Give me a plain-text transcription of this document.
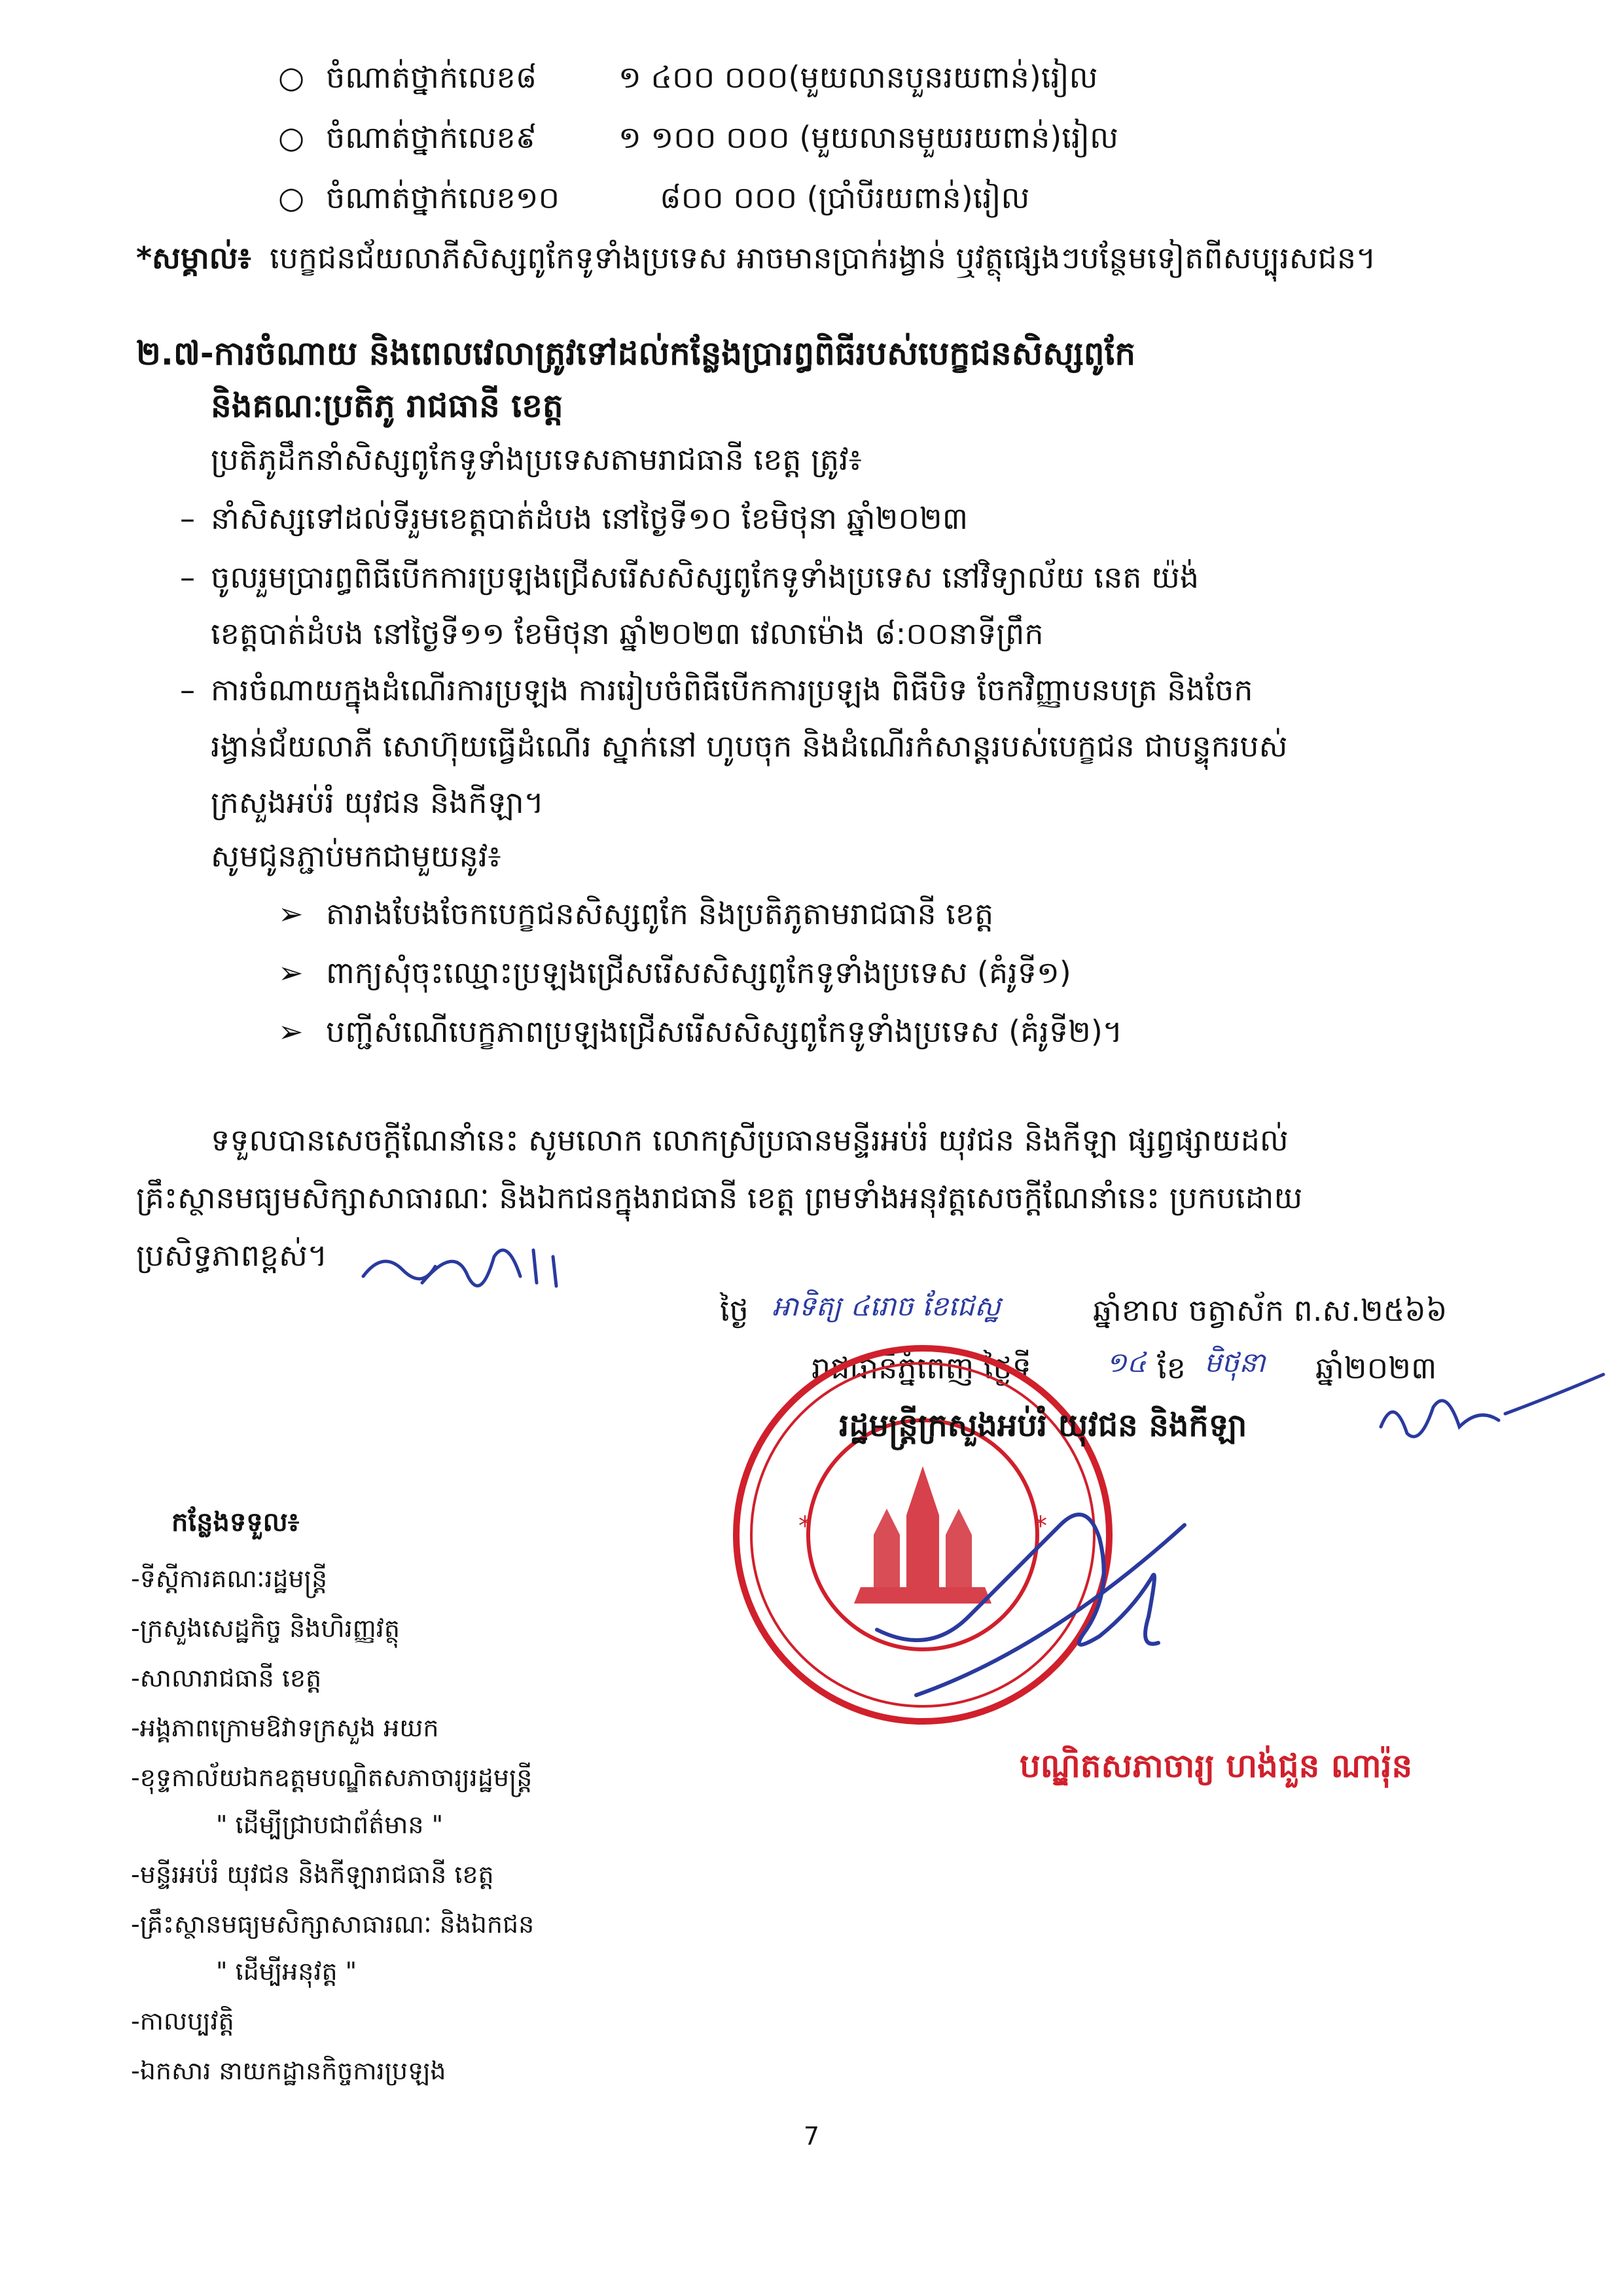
○ ចំណាត់ថ្នាក់លេខ៨	១ ៤០០ ០០០(មួយលានបួនរយពាន់)រៀល
○ ចំណាត់ថ្នាក់លេខ៩	១ ១០០ ០០០ (មួយលានមួយរយពាន់)រៀល
○ ចំណាត់ថ្នាក់លេខ១០	៨០០ ០០០ (ប្រាំបីរយពាន់)រៀល
*សម្គាល់៖ បេក្ខជនជ័យលាភីសិស្សពូកែទូទាំងប្រទេស អាចមានប្រាក់រង្វាន់ ឬវត្ថុផ្សេងៗបន្ថែមទៀតពីសប្បុរសជន។
២.៧-ការចំណាយ និងពេលវេលាត្រូវទៅដល់កន្លែងប្រារព្ធពិធីរបស់បេក្ខជនសិស្សពូកែ
និងគណៈប្រតិភូ រាជធានី ខេត្ត
ប្រតិភូដឹកនាំសិស្សពូកែទូទាំងប្រទេសតាមរាជធានី ខេត្ត ត្រូវ៖
– នាំសិស្សទៅដល់ទីរួមខេត្តបាត់ដំបង នៅថ្ងៃទី១០ ខែមិថុនា ឆ្នាំ២០២៣
– ចូលរួមប្រារព្ធពិធីបើកការប្រឡងជ្រើសរើសសិស្សពូកែទូទាំងប្រទេស នៅវិទ្យាល័យ នេត យ៉ង់
ខេត្តបាត់ដំបង នៅថ្ងៃទី១១ ខែមិថុនា ឆ្នាំ២០២៣ វេលាម៉ោង ៨:០០នាទីព្រឹក
– ការចំណាយក្នុងដំណើរការប្រឡង ការរៀបចំពិធីបើកការប្រឡង ពិធីបិទ ចែកវិញ្ញាបនបត្រ និងចែក
រង្វាន់ជ័យលាភី សោហ៊ុយធ្វើដំណើរ ស្នាក់នៅ ហូបចុក និងដំណើរកំសាន្តរបស់បេក្ខជន ជាបន្ទុករបស់
ក្រសួងអប់រំ យុវជន និងកីឡា។
សូមជូនភ្ជាប់មកជាមួយនូវ៖
➢ តារាងបែងចែកបេក្ខជនសិស្សពូកែ និងប្រតិភូតាមរាជធានី ខេត្ត
➢ ពាក្យសុំចុះឈ្មោះប្រឡងជ្រើសរើសសិស្សពូកែទូទាំងប្រទេស (គំរូទី១)
➢ បញ្ជីសំណើបេក្ខភាពប្រឡងជ្រើសរើសសិស្សពូកែទូទាំងប្រទេស (គំរូទី២)។
ទទួលបានសេចក្ដីណែនាំនេះ សូមលោក លោកស្រីប្រធានមន្ទីរអប់រំ យុវជន និងកីឡា ផ្សព្វផ្សាយដល់
គ្រឹះស្ថានមធ្យមសិក្សាសាធារណៈ និងឯកជនក្នុងរាជធានី ខេត្ត ព្រមទាំងអនុវត្តសេចក្ដីណែនាំនេះ ប្រកបដោយ
ប្រសិទ្ធភាពខ្ពស់។
ថ្ងៃ អាទិត្យ ៤រោច ខែជេស្ឋ	ឆ្នាំខាល ចត្វាស័ក ព.ស.២៥៦៦
រាជធានីភ្នំពេញ ថ្ងៃទី	១៤ ខែ មិថុនា ឆ្នាំ២០២៣
*	*
រដ្ឋមន្ត្រីក្រសួងអប់រំ យុវជន និងកីឡា
បណ្ឌិតសភាចារ្យ ហង់ជួន ណារ៉ុន
កន្លែងទទួល៖
-ទីស្ដីការគណៈរដ្ឋមន្ត្រី
-ក្រសួងសេដ្ឋកិច្ច និងហិរញ្ញវត្ថុ
-សាលារាជធានី ខេត្ត
-អង្គភាពក្រោមឱវាទក្រសួង អយក
-ខុទ្ទកាល័យឯកឧត្តមបណ្ឌិតសភាចារ្យរដ្ឋមន្ត្រី
" ដើម្បីជ្រាបជាព័ត៌មាន "
-មន្ទីរអប់រំ យុវជន និងកីឡារាជធានី ខេត្ត
-គ្រឹះស្ថានមធ្យមសិក្សាសាធារណៈ និងឯកជន
" ដើម្បីអនុវត្ត "
-កាលប្បវត្តិ
-ឯកសារ នាយកដ្ឋានកិច្ចការប្រឡង
7
